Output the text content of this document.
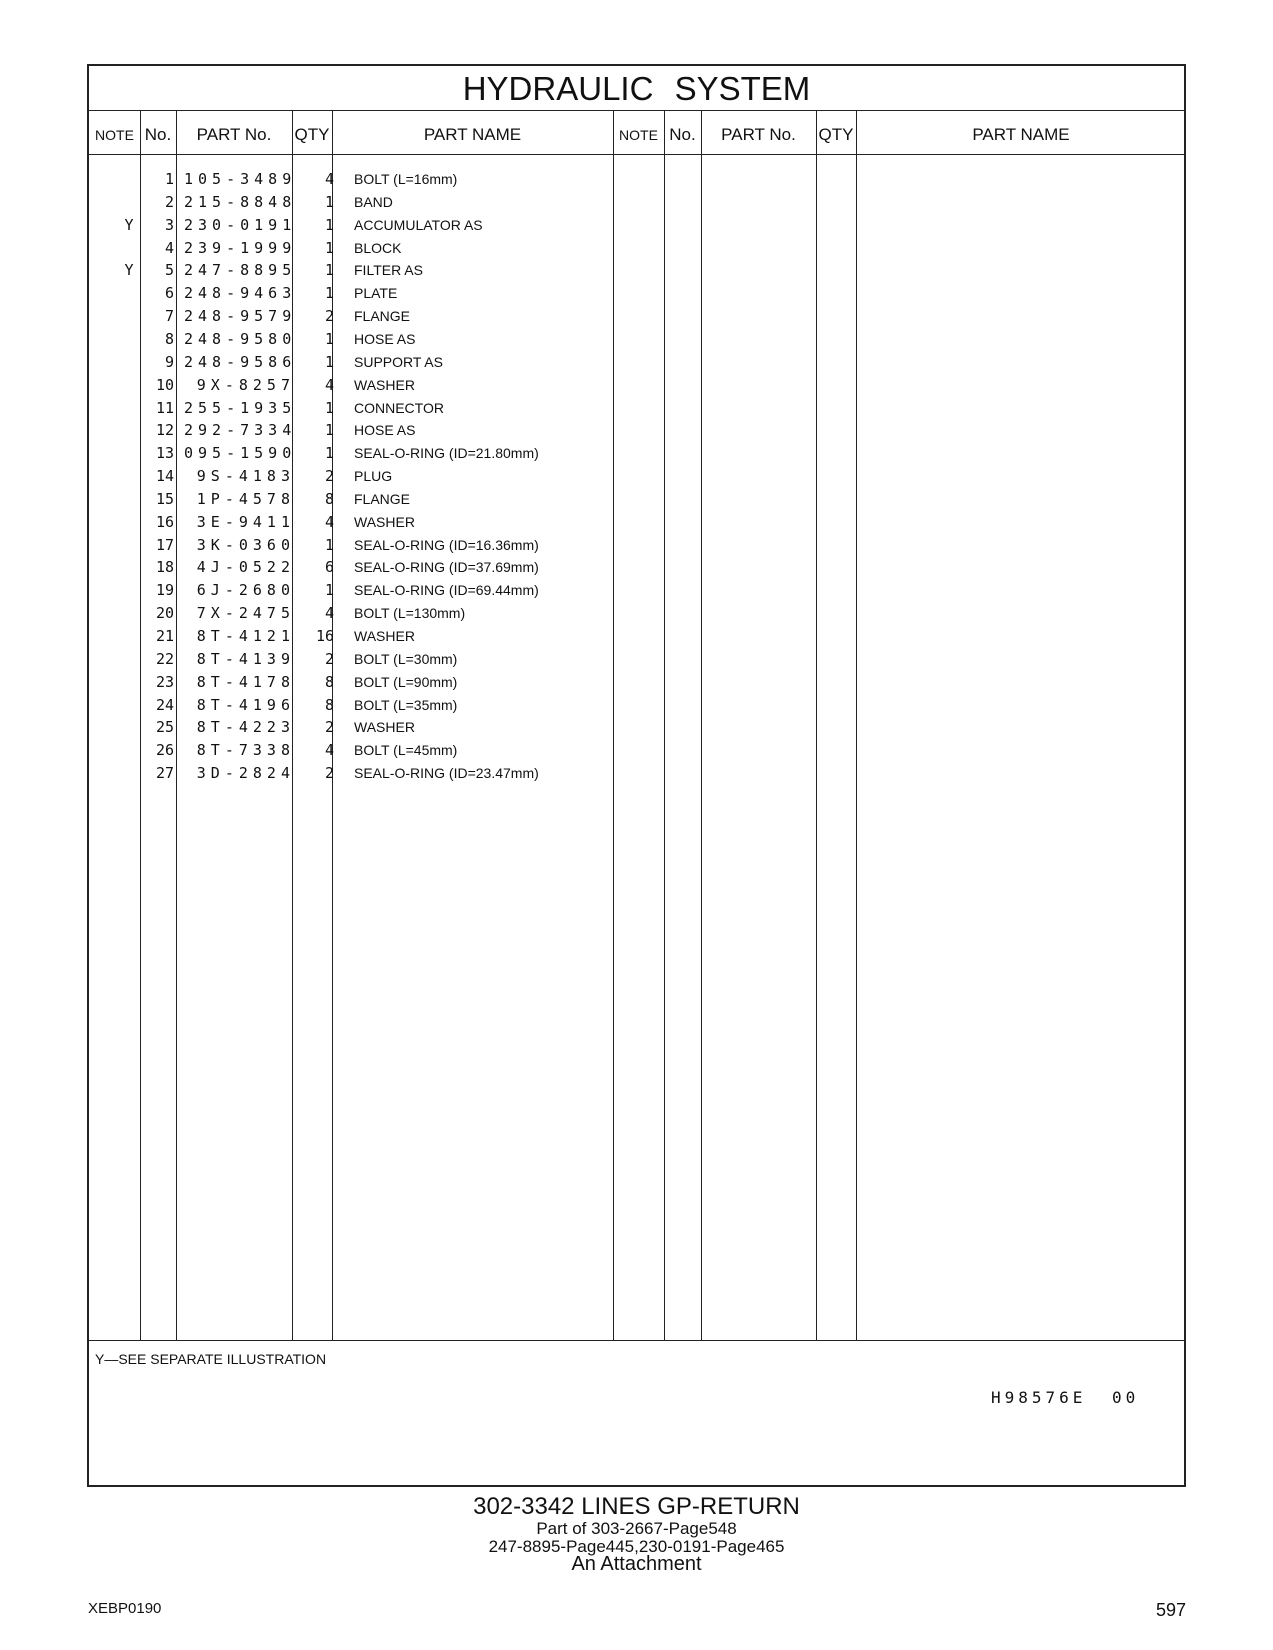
HYDRAULIC SYSTEM
NOTE No.	PART No.	QTY	PART NAME	NOTE No.	PART No.	QTY	PART NAME
1 105-3489	4 BOLT (L=16mm)
2 215-8848	1 BAND
Y	3 230-0191	1 ACCUMULATOR AS
4 239-1999	1 BLOCK
Y	5 247-8895	1 FILTER AS
6 248-9463	1 PLATE
7 248-9579	2 FLANGE
8 248-9580	1 HOSE AS
9 248-9586	1 SUPPORT AS
10	9X-8257	4 WASHER
11 255-1935	1 CONNECTOR
12 292-7334	1 HOSE AS
13 095-1590	1 SEAL-O-RING (ID=21.80mm)
14	9S-4183	2 PLUG
15	1P-4578	8 FLANGE
16	3E-9411	4 WASHER
17	3K-0360	1 SEAL-O-RING (ID=16.36mm)
18	4J-0522	6 SEAL-O-RING (ID=37.69mm)
19	6J-2680	1 SEAL-O-RING (ID=69.44mm)
20	7X-2475	4 BOLT (L=130mm)
21	8T-4121	16 WASHER
22	8T-4139	2 BOLT (L=30mm)
23	8T-4178	8 BOLT (L=90mm)
24	8T-4196	8 BOLT (L=35mm)
25	8T-4223	2 WASHER
26	8T-7338	4 BOLT (L=45mm)
27	3D-2824	2 SEAL-O-RING (ID=23.47mm)
Y—SEE SEPARATE ILLUSTRATION
H98576E 00
302-3342 LINES GP-RETURN
Part of 303-2667-Page548
247-8895-Page445,230-0191-Page465
An Attachment
XEBP0190	597
